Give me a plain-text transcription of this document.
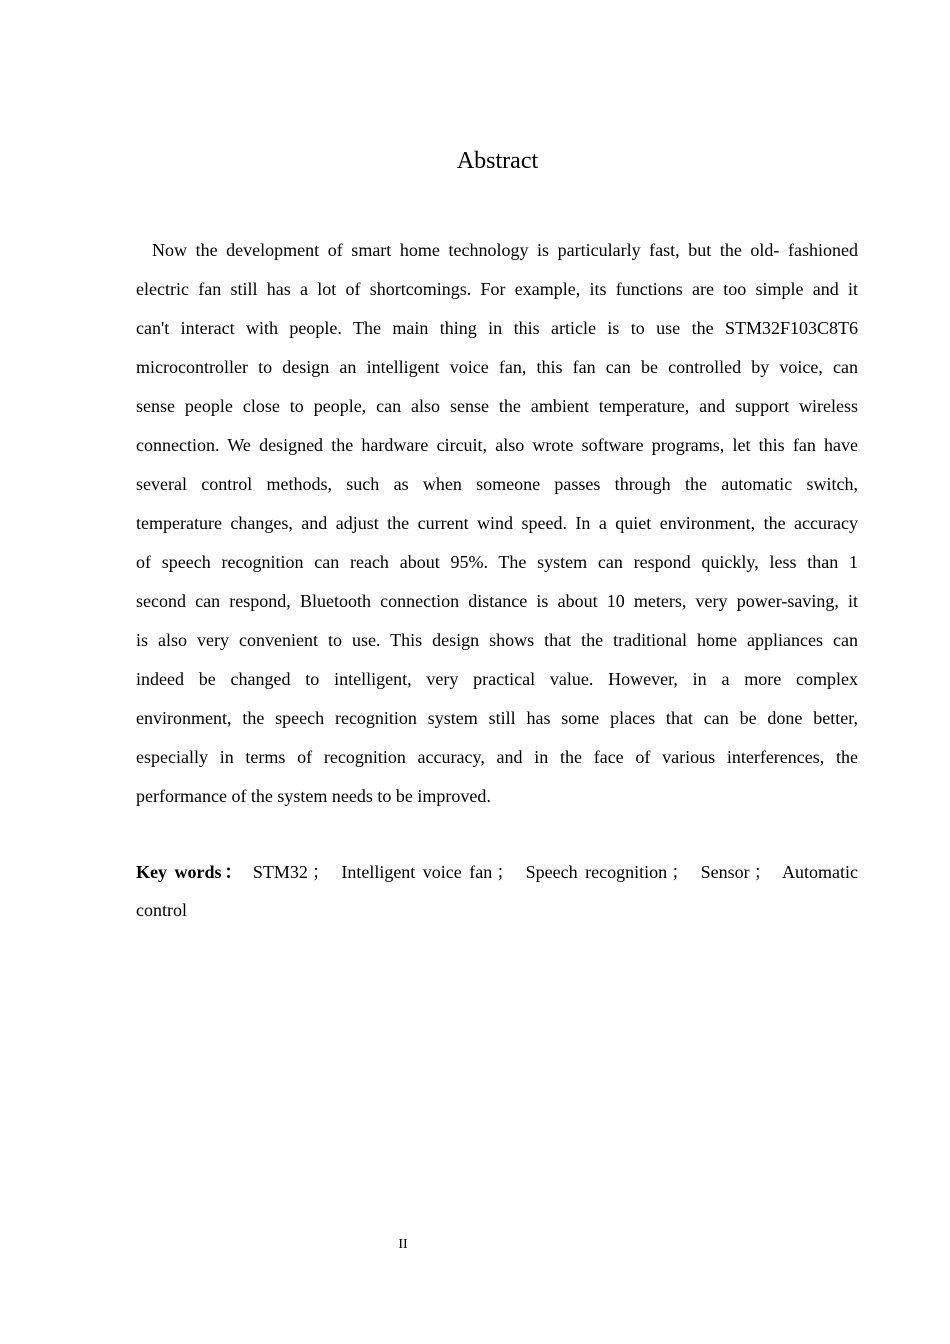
Abstract
Now the development of smart home technology is particularly fast, but the old- fashioned
electric fan still has a lot of shortcomings. For example, its functions are too simple and it
can't interact with people. The main thing in this article is to use the STM32F103C8T6
microcontroller to design an intelligent voice fan, this fan can be controlled by voice, can
sense people close to people, can also sense the ambient temperature, and support wireless
connection. We designed the hardware circuit, also wrote software programs, let this fan have
several control methods, such as when someone passes through the automatic switch,
temperature changes, and adjust the current wind speed. In a quiet environment, the accuracy
of speech recognition can reach about 95%. The system can respond quickly, less than 1
second can respond, Bluetooth connection distance is about 10 meters, very power-saving, it
is also very convenient to use. This design shows that the traditional home appliances can
indeed be changed to intelligent, very practical value. However, in a more complex
environment, the speech recognition system still has some places that can be done better,
especially in terms of recognition accuracy, and in the face of various interferences, the
performance of the system needs to be improved.
Key words： STM32 ； Intelligent voice fan ； Speech recognition ； Sensor ； Automatic
control
II
